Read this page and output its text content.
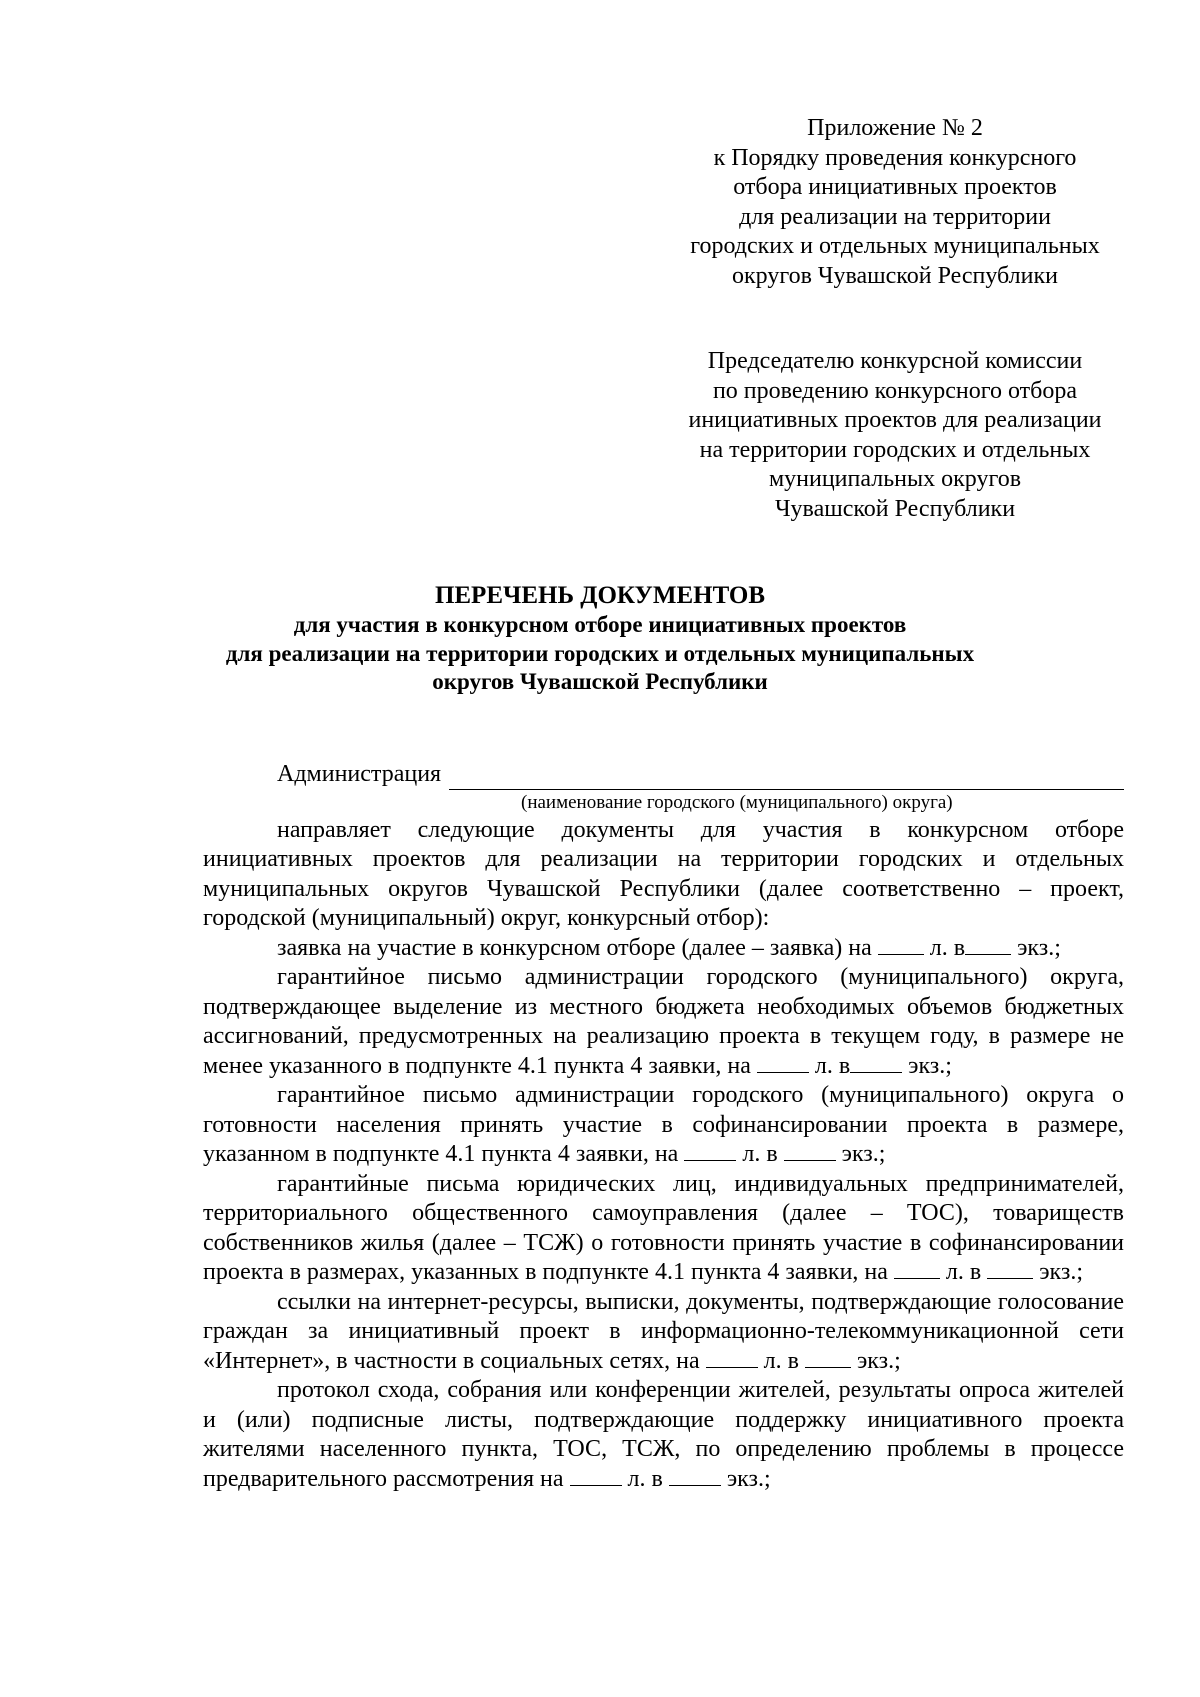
Приложение № 2
к Порядку проведения конкурсного
отбора инициативных проектов
для реализации на территории
городских и отдельных муниципальных
округов Чувашской Республики
Председателю конкурсной комиссии
по проведению конкурсного отбора
инициативных проектов для реализации
на территории городских и отдельных
муниципальных округов
Чувашской Республики

ПЕРЕЧЕНЬ ДОКУМЕНТОВ

для участия в конкурсном отборе инициативных проектов

для реализации на территории городских и отдельных муниципальных

округов Чувашской Республики

Администрация
(наименование городского (муниципального) округа)

направляет следующие документы для участия в конкурсном отборе инициативных проектов для реализации на территории городских и отдельных муниципальных округов Чувашской Республики (далее соответственно – проект, городской (муниципальный) округ, конкурсный отбор):

заявка на участие в конкурсном отборе (далее – заявка) на л. в экз.;

гарантийное письмо администрации городского (муниципального) округа, подтверждающее выделение из местного бюджета необходимых объемов бюджетных ассигнований, предусмотренных на реализацию проекта в текущем году, в размере не менее указанного в подпункте 4.1 пункта 4 заявки, на	л. в экз.;

гарантийное письмо администрации городского (муниципального) округа о готовности населения принять участие в софинансировании проекта в размере, указанном в подпункте 4.1 пункта 4 заявки, на	л. в	экз.;

гарантийные письма юридических лиц, индивидуальных предпринимателей, территориального общественного самоуправления (далее – ТОС), товариществ собственников жилья (далее – ТСЖ) о готовности принять участие в софинансировании проекта в размерах, указанных в подпункте 4.1 пункта 4 заявки, на л. в экз.;

ссылки на интернет-ресурсы, выписки, документы, подтверждающие голосование граждан за инициативный проект в информационно-телекоммуникационной сети «Интернет», в частности в социальных сетях, на	л. в экз.;

протокол схода, собрания или конференции жителей, результаты опроса жителей и (или) подписные листы, подтверждающие поддержку инициативного проекта жителями населенного пункта, ТОС, ТСЖ, по определению проблемы в процессе предварительного рассмотрения на	л. в	экз.;
